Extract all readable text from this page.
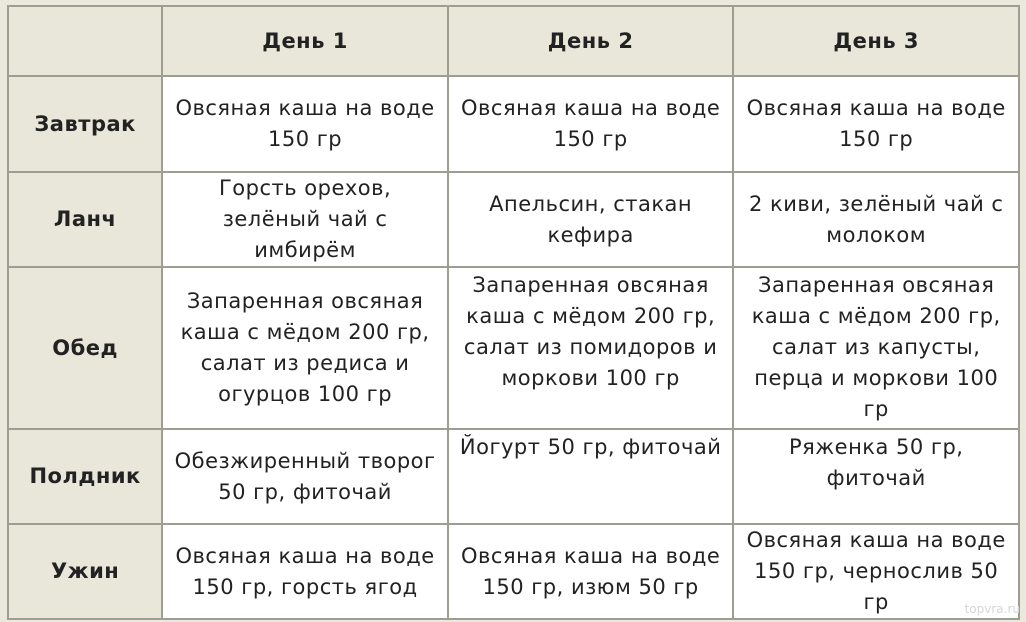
	День 1	День 2	День 3
Завтрак	Овсяная каша на воде 150 гр	Овсяная каша на воде 150 гр	Овсяная каша на воде 150 гр
Ланч	Горсть орехов, зелёный чай с имбирём	Апельсин, стакан кефира	2 киви, зелёный чай с молоком
Обед	Запаренная овсяная каша с мёдом 200 гр, салат из редиса и огурцов 100 гр	Запаренная овсяная каша с мёдом 200 гр, салат из помидоров и моркови 100 гр	Запаренная овсяная каша с мёдом 200 гр, салат из капусты, перца и моркови 100 гр
Полдник	Обезжиренный творог 50 гр, фиточай	Йогурт 50 гр, фиточай	Ряженка 50 гр, фиточай
Ужин	Овсяная каша на воде 150 гр, горсть ягод	Овсяная каша на воде 150 гр, изюм 50 гр	Овсяная каша на воде 150 гр, чернослив 50 гр	topvra.ru
